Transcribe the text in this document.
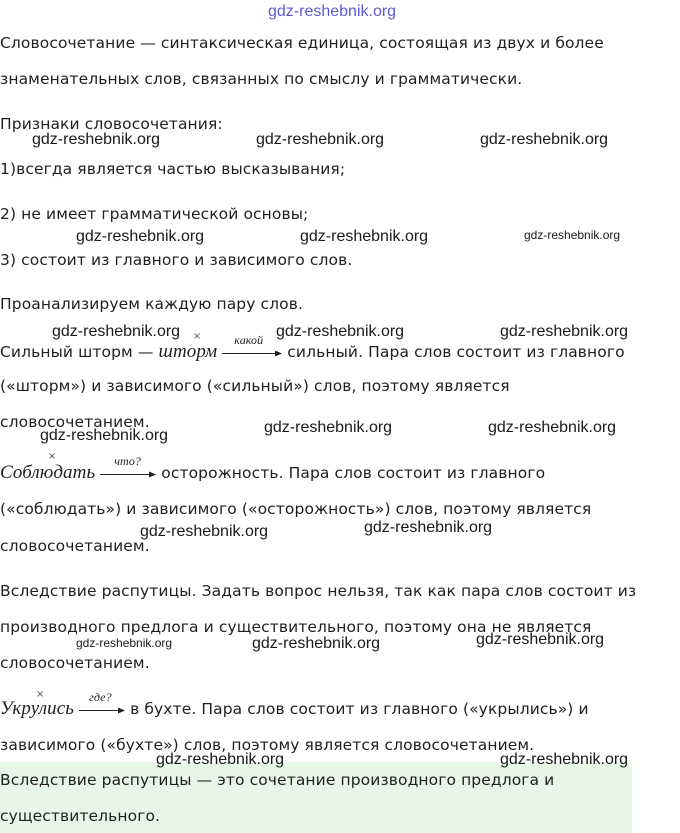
gdz-reshebnik.org
Словосочетание — синтаксическая единица, состоящая из двух и более
знаменательных слов, связанных по смыслу и грамматически.
Признаки словосочетания:
gdz-reshebnik.org	gdz-reshebnik.org	gdz-reshebnik.org
1)всегда является частью высказывания;
2) не имеет грамматической основы;
gdz-reshebnik.org	gdz-reshebnik.org	gdz-reshebnik.org
3) состоит из главного и зависимого слов.
Проанализируем каждую пару слов.
gdz-reshebnik.org	gdz-reshebnik.org	gdz-reshebnik.org
×
Сильный шторм — шторм
какой
сильный. Пара слов состоит из главного
(«шторм») и зависимого («сильный») слов, поэтому является
словосочетанием.
gdz-reshebnik.org	gdz-reshebnik.org	gdz-reshebnik.org
×
Соблюдать
что?
осторожность. Пара слов состоит из главного
(«соблюдать») и зависимого («осторожность») слов, поэтому является
gdz-reshebnik.org	gdz-reshebnik.org
словосочетанием.
Вследствие распутицы. Задать вопрос нельзя, так как пара слов состоит из
производного предлога и существительного, поэтому она не является
gdz-reshebnik.org	gdz-reshebnik.org	gdz-reshebnik.org
словосочетанием.
×
Укрулись
где?
в бухте. Пара слов состоит из главного («укрылись») и
зависимого («бухте») слов, поэтому является словосочетанием.
gdz-reshebnik.org	gdz-reshebnik.org
Вследствие распутицы — это сочетание производного предлога и
существительного.
